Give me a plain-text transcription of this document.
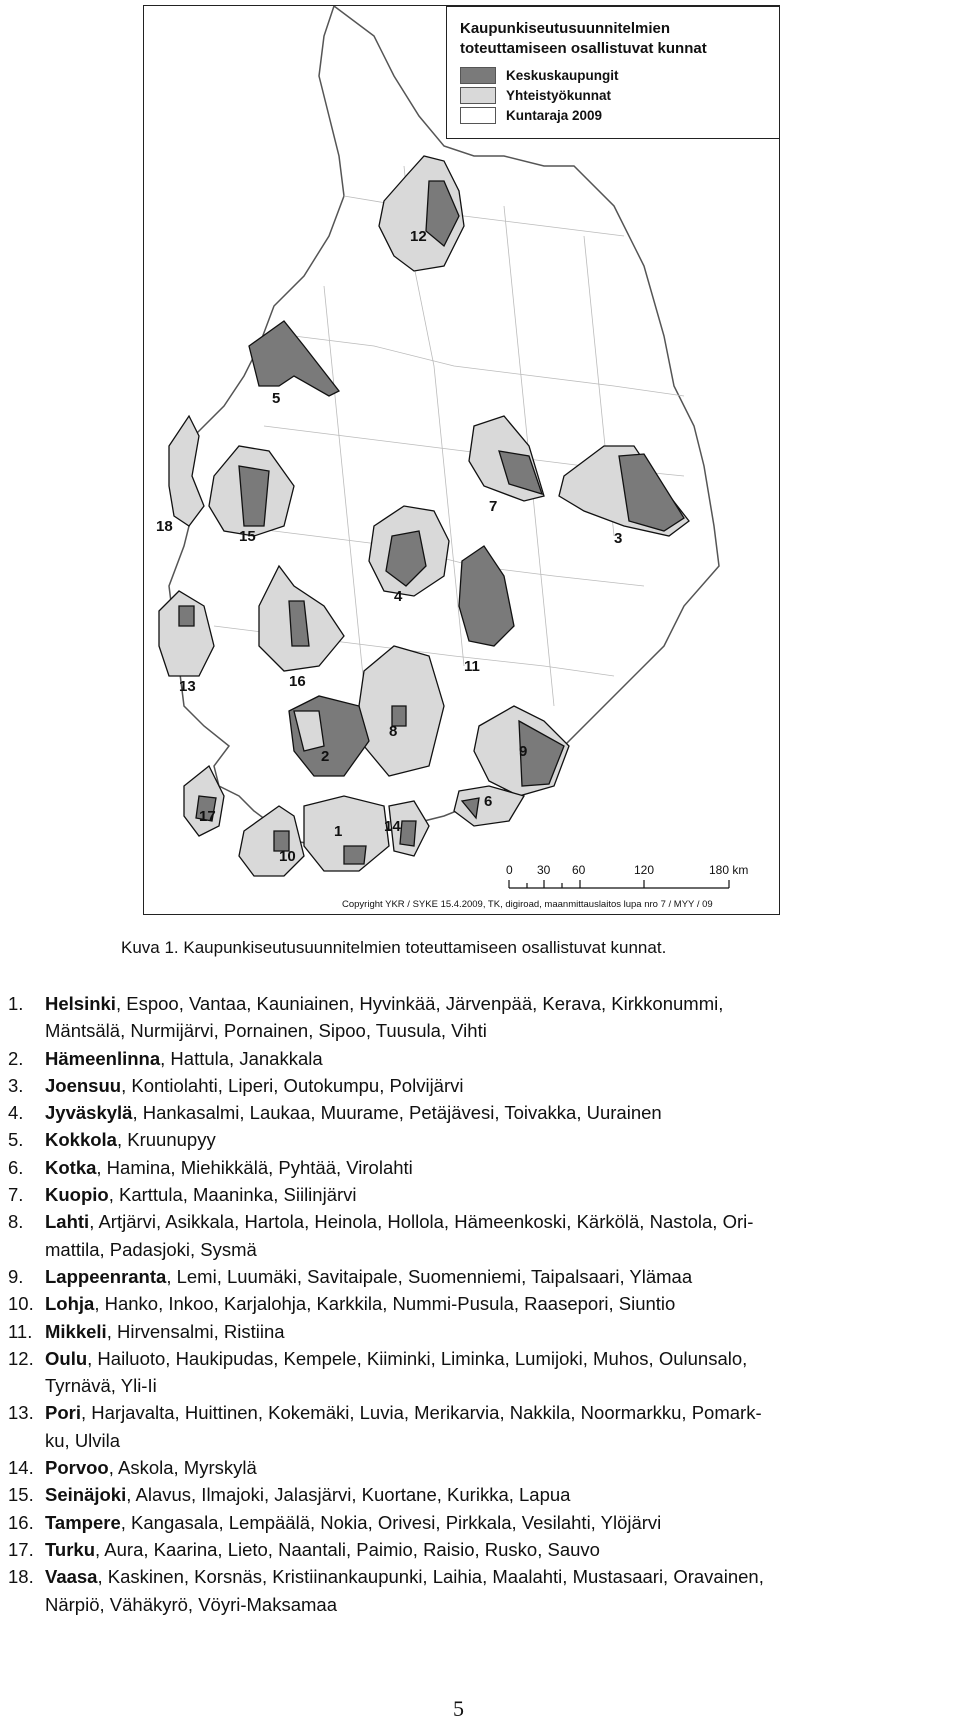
12
5
18
15
7
3
4
11
16
13
8
2	9
6
17
14
1
10
0 30 60	120	180 km
Kaupunkiseutusuunnitelmien
toteuttamiseen osallistuvat kunnat
Keskuskaupungit
Yhteistyökunnat
Kuntaraja 2009
Copyright YKR / SYKE 15.4.2009, TK, digiroad, maanmittauslaitos lupa nro 7 / MYY / 09
Kuva 1. Kaupunkiseutusuunnitelmien toteuttamiseen osallistuvat kunnat.
1.	Helsinki, Espoo, Vantaa, Kauniainen, Hyvinkää, Järvenpää, Kerava, Kirkkonummi,
Mäntsälä, Nurmijärvi, Pornainen, Sipoo, Tuusula, Vihti
2.	Hämeenlinna, Hattula, Janakkala
3.	Joensuu, Kontiolahti, Liperi, Outokumpu, Polvijärvi
4.	Jyväskylä, Hankasalmi, Laukaa, Muurame, Petäjävesi, Toivakka, Uurainen
5.	Kokkola, Kruunupyy
6.	Kotka, Hamina, Miehikkälä, Pyhtää, Virolahti
7.	Kuopio, Karttula, Maaninka, Siilinjärvi
8.	Lahti, Artjärvi, Asikkala, Hartola, Heinola, Hollola, Hämeenkoski, Kärkölä, Nastola, Ori-
mattila, Padasjoki, Sysmä
9.	Lappeenranta, Lemi, Luumäki, Savitaipale, Suomenniemi, Taipalsaari, Ylämaa
10. Lohja, Hanko, Inkoo, Karjalohja, Karkkila, Nummi-Pusula, Raasepori, Siuntio
11. Mikkeli, Hirvensalmi, Ristiina
12. Oulu, Hailuoto, Haukipudas, Kempele, Kiiminki, Liminka, Lumijoki, Muhos, Oulunsalo,
Tyrnävä, Yli-Ii
13. Pori, Harjavalta, Huittinen, Kokemäki, Luvia, Merikarvia, Nakkila, Noormarkku, Pomark-
ku, Ulvila
14. Porvoo, Askola, Myrskylä
15. Seinäjoki, Alavus, Ilmajoki, Jalasjärvi, Kuortane, Kurikka, Lapua
16. Tampere, Kangasala, Lempäälä, Nokia, Orivesi, Pirkkala, Vesilahti, Ylöjärvi
17. Turku, Aura, Kaarina, Lieto, Naantali, Paimio, Raisio, Rusko, Sauvo
18. Vaasa, Kaskinen, Korsnäs, Kristiinankaupunki, Laihia, Maalahti, Mustasaari, Oravainen,
Närpiö, Vähäkyrö, Vöyri-Maksamaa
5
